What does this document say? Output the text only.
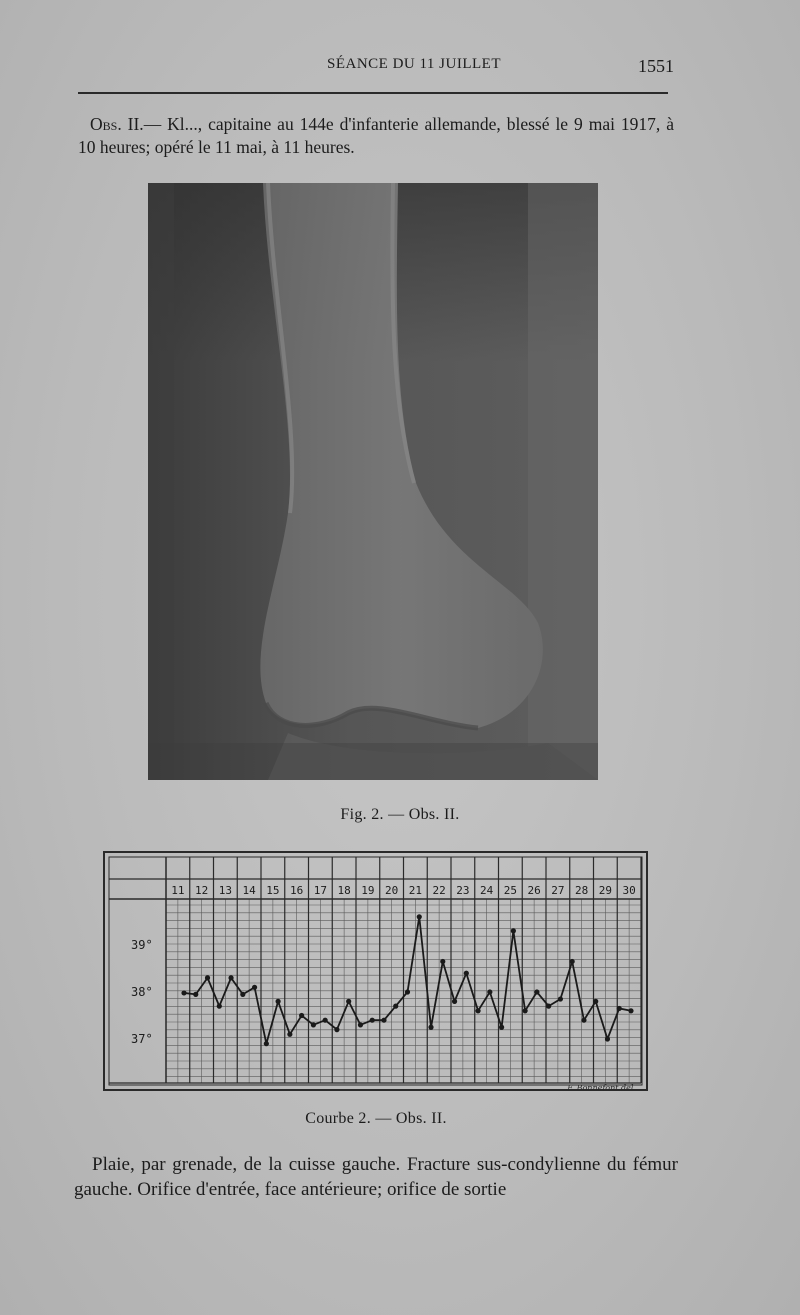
SÉANCE DU 11 JUILLET	1551
Obs. II.— Kl..., capitaine au 144e d'infanterie allemande, blessé le 9 mai 1917, à 10 heures; opéré le 11 mai, à 11 heures.
Fig. 2. — Obs. II.
11 12 13 14 15 16 17 18 19 20 21 22 23 24 25 26 27 28 29 30
39°
38°
37°
F. Bonnefont del.
Courbe 2. — Obs. II.
Plaie, par grenade, de la cuisse gauche. Fracture sus-condylienne du fémur gauche. Orifice d'entrée, face antérieure; orifice de sortie
